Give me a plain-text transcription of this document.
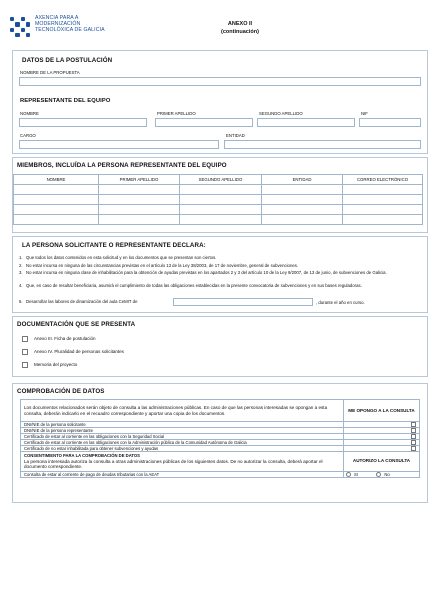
AXENCIA PARA A
MODERNIZACIÓN
TECNOLÓXICA DE GALICIA
ANEXO II
(continuación)
DATOS DE LA POSTULACIÓN
NOMBRE DE LA PROPUESTA
REPRESENTANTE DEL EQUIPO
NOMBRE	PRIMER APELLIDO	SEGUNDO APELLIDO	NIF
CARGO	ENTIDAD
MIEMBROS, INCLUÍDA LA PERSONA REPRESENTANTE DEL EQUIPO
NOMBRE	PRIMER APELLIDO	SEGUNDO APELLIDO	ENTIDAD	CORREO ELECTRÓNICO

LA PERSONA SOLICITANTE O REPRESENTANTE DECLARA:
1. Que todos los datos contenidos en esta solicitud y en los documentos que se presentan son ciertos.
2. No estar incursa en ninguna de las circunstancias previstas en el artículo 13 de la Ley 38/2003, de 17 de noviembre, general de subvenciones.
3. No estar incursa en ninguna clase de inhabilitación para la obtención de ayudas previstas en los apartados 2 y 3 del artículo 10 de la Ley 9/2007, de 13 de junio, de subvenciones de Galicia.
4. Que, en caso de resultar beneficiaria, asumirá el cumplimiento de todas las obligaciones establecidas en la presente convocatoria de subvenciones y en sus bases reguladoras.
5. Desarrollar las labores de dinamización del aula CeMIT de	, durante el año en curso.
DOCUMENTACIÓN QUE SE PRESENTA
Anexo III. Ficha de postulación
Anexo IV. Pluralidad de personas solicitantes
Memoria del proyecto
COMPROBACIÓN DE DATOS
Los documentos relacionados serán objeto de consulta a las administraciones públicas. En caso de que las personas interesadas se opongan a esta consulta, deberán indicarlo en el recuadro correspondiente y aportar una copia de los documentos.	ME OPONGO A LA CONSULTA
DNI/NIE de la persona solicitante	

DNI/NIE de la persona representante	

Certificado de estar al corriente en las obligaciones con la Seguridad Social	

Certificado de estar al corriente en las obligaciones con la Administración pública de la Comunidad Autónoma de Galicia	

Certificado de no estar inhabilitada para obtener subvenciones y ayudas	

CONSENTIMIENTO PARA LA COMPROBACIÓN DE DATOS
La persona interesada autoriza la consulta a otras administraciones públicas de los siguientes datos. De no autorizar la consulta, deberá aportar el documento correspondiente.	AUTORIZO LA CONSULTA
Consulta de estar al corriente de pago de deudas tributarias con la AEAT	SI No
